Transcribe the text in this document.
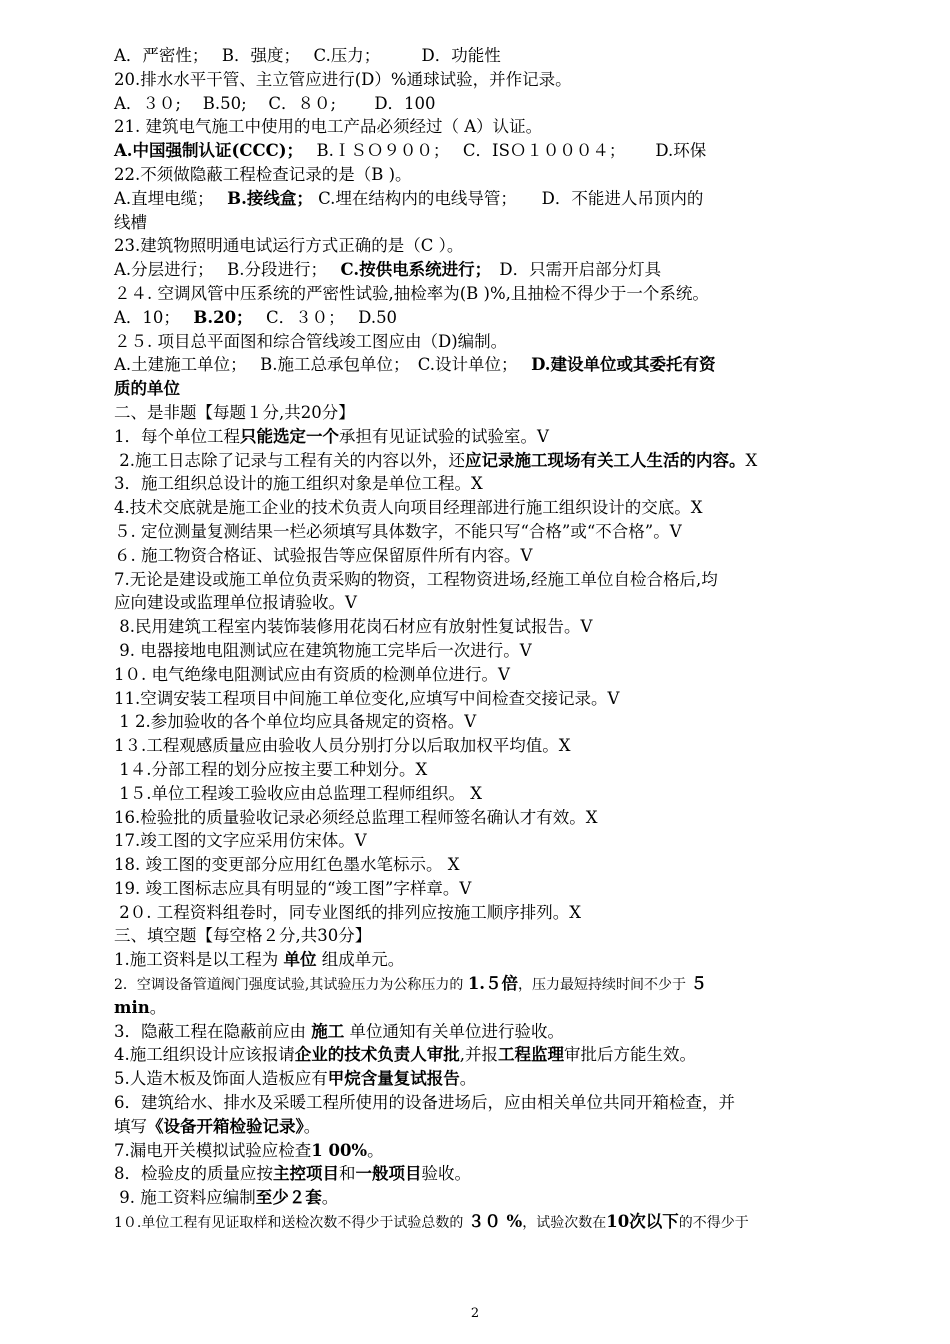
A．严密性；　 B．强度；　 C.压力；　　　D．功能性
20.排水水平干管、主立管应进行(D）%通球试验，并作记录。
A．３０;　 B.50;　 C．８０;　　 D．100
21. 建筑电气施工中使用的电工产品必须经过（ A）认证。
A.中国强制认证(CCC)；　 B.ＩＳＯ９００；　 C．ISＯ１０００４；　　 D.环保
22.不须做隐蔽工程检查记录的是（B )。
A.直埋电缆；　 B.接线盒； C.埋在结构内的电线导管；　　D．不能进人吊顶内的
线槽
23.建筑物照明通电试运行方式正确的是（C ）。
A.分层进行；　 B.分段进行；　 C.按供电系统进行；　D．只需开启部分灯具
２４. 空调风管中压系统的严密性试验,抽检率为(B )%,且抽检不得少于一个系统。
A．10；　 B.20；　 C．３０；　 D.50
２５. 项目总平面图和综合管线竣工图应由（D)编制。
A.土建施工单位；　 B.施工总承包单位；　C.设计单位；　 D.建设单位或其委托有资
质的单位
二、是非题【每题１分,共20分】
1．每个单位工程只能选定一个承担有见证试验的试验室。V
2.施工日志除了记录与工程有关的内容以外，还应记录施工现场有关工人生活的内容。X
3．施工组织总设计的施工组织对象是单位工程。X
4.技术交底就是施工企业的技术负责人向项目经理部进行施工组织设计的交底。X
５. 定位测量复测结果一栏必须填写具体数字，不能只写“合格”或“不合格”。V
６. 施工物资合格证、试验报告等应保留原件所有内容。V
7.无论是建设或施工单位负责采购的物资，工程物资进场,经施工单位自检合格后,均
应向建设或监理单位报请验收。V
8.民用建筑工程室内装饰装修用花岗石材应有放射性复试报告。V
9. 电器接地电阻测试应在建筑物施工完毕后一次进行。V
1０. 电气绝缘电阻测试应由有资质的检测单位进行。V
11.空调安装工程项目中间施工单位变化,应填写中间检查交接记录。V
1 2.参加验收的各个单位均应具备规定的资格。V
1３.工程观感质量应由验收人员分别打分以后取加权平均值。X
1４.分部工程的划分应按主要工种划分。X
1５.单位工程竣工验收应由总监理工程师组织。 X
16.检验批的质量验收记录必须经总监理工程师签名确认才有效。X
17.竣工图的文字应采用仿宋体。V
18. 竣工图的变更部分应用红色墨水笔标示。 X
19. 竣工图标志应具有明显的“竣工图”字样章。V
2０. 工程资料组卷时，同专业图纸的排列应按施工顺序排列。X
三、填空题【每空格２分,共30分】
1.施工资料是以工程为 单位 组成单元。
2．空调设备管道阀门强度试验,其试验压力为公称压力的 1.５倍，压力最短持续时间不少于 ５
min。
3．隐蔽工程在隐蔽前应由 施工 单位通知有关单位进行验收。
4.施工组织设计应该报请企业的技术负责人审批,并报工程监理审批后方能生效。
5.人造木板及饰面人造板应有甲烷含量复试报告。
6．建筑给水、排水及采暖工程所使用的设备进场后，应由相关单位共同开箱检查，并
填写《设备开箱检验记录》。
7.漏电开关模拟试验应检查1 00%。
8．检验皮的质量应按主控项目和一般项目验收。
9. 施工资料应编制至少２套。
1０.单位工程有见证取样和送检次数不得少于试验总数的 ３０ %，试验次数在10次以下的不得少于
2
